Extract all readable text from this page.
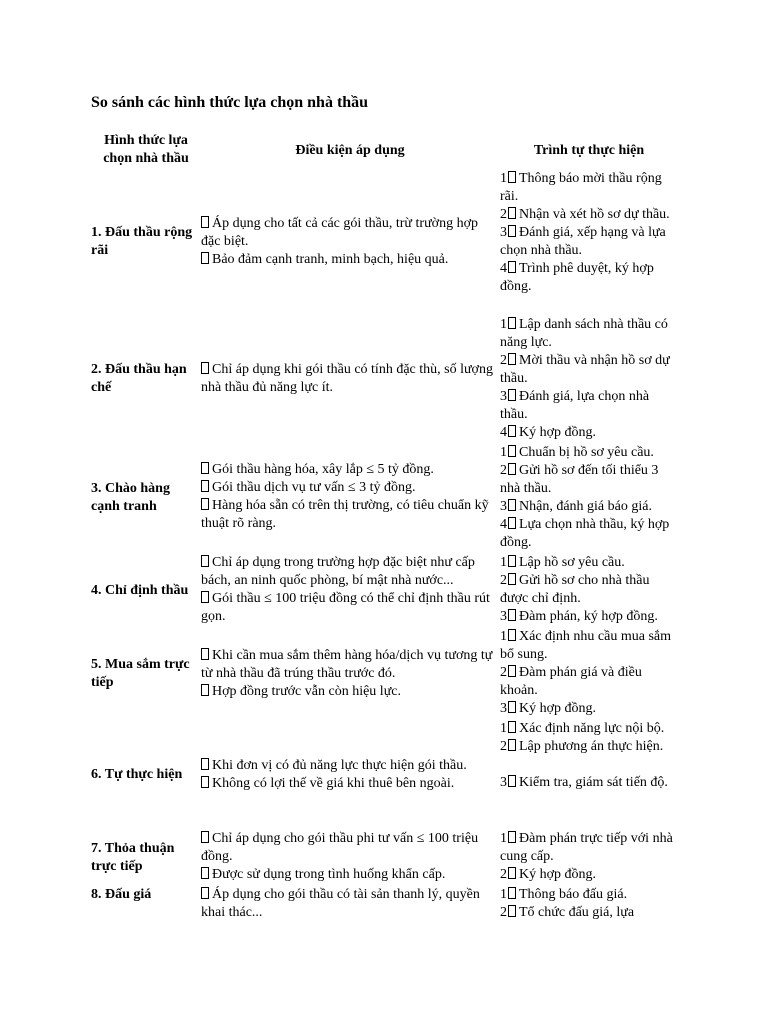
So sánh các hình thức lựa chọn nhà thầu
Hình thức lựa chọn nhà thầu
Điều kiện áp dụng	Trình tự thực hiện
1. Đấu thầu rộng rãi
Áp dụng cho tất cả các gói thầu, trừ trường hợp đặc biệt.
Bảo đảm cạnh tranh, minh bạch, hiệu quả.
1 Thông báo mời thầu rộng rãi.
2 Nhận và xét hồ sơ dự thầu.
3 Đánh giá, xếp hạng và lựa chọn nhà thầu.
4 Trình phê duyệt, ký hợp đồng.
2. Đấu thầu hạn chế
Chỉ áp dụng khi gói thầu có tính đặc thù, số lượng nhà thầu đủ năng lực ít.
1 Lập danh sách nhà thầu có năng lực.
2 Mời thầu và nhận hồ sơ dự thầu.
3 Đánh giá, lựa chọn nhà thầu.
4 Ký hợp đồng.
3. Chào hàng cạnh tranh
Gói thầu hàng hóa, xây lắp ≤ 5 tỷ đồng.
Gói thầu dịch vụ tư vấn ≤ 3 tỷ đồng.
Hàng hóa sẵn có trên thị trường, có tiêu chuẩn kỹ thuật rõ ràng.
1 Chuẩn bị hồ sơ yêu cầu.
2 Gửi hồ sơ đến tối thiểu 3 nhà thầu.
3 Nhận, đánh giá báo giá.
4 Lựa chọn nhà thầu, ký hợp đồng.
4. Chỉ định thầu
Chỉ áp dụng trong trường hợp đặc biệt như cấp bách, an ninh quốc phòng, bí mật nhà nước...
Gói thầu ≤ 100 triệu đồng có thể chỉ định thầu rút gọn.
1 Lập hồ sơ yêu cầu.
2 Gửi hồ sơ cho nhà thầu được chỉ định.
3 Đàm phán, ký hợp đồng.
5. Mua sắm trực tiếp
Khi cần mua sắm thêm hàng hóa/dịch vụ tương tự từ nhà thầu đã trúng thầu trước đó.
Hợp đồng trước vẫn còn hiệu lực.
1 Xác định nhu cầu mua sắm bổ sung.
2 Đàm phán giá và điều khoản.
3 Ký hợp đồng.
6. Tự thực hiện
Khi đơn vị có đủ năng lực thực hiện gói thầu.
Không có lợi thế về giá khi thuê bên ngoài.
1 Xác định năng lực nội bộ.
2 Lập phương án thực hiện.
3 Kiểm tra, giám sát tiến độ.
7. Thỏa thuận trực tiếp
Chỉ áp dụng cho gói thầu phi tư vấn ≤ 100 triệu đồng.
Được sử dụng trong tình huống khẩn cấp.
1 Đàm phán trực tiếp với nhà cung cấp.
2 Ký hợp đồng.
8. Đấu giá	Áp dụng cho gói thầu có tài sản thanh lý, quyền khai thác...
1 Thông báo đấu giá.
2 Tổ chức đấu giá, lựa
